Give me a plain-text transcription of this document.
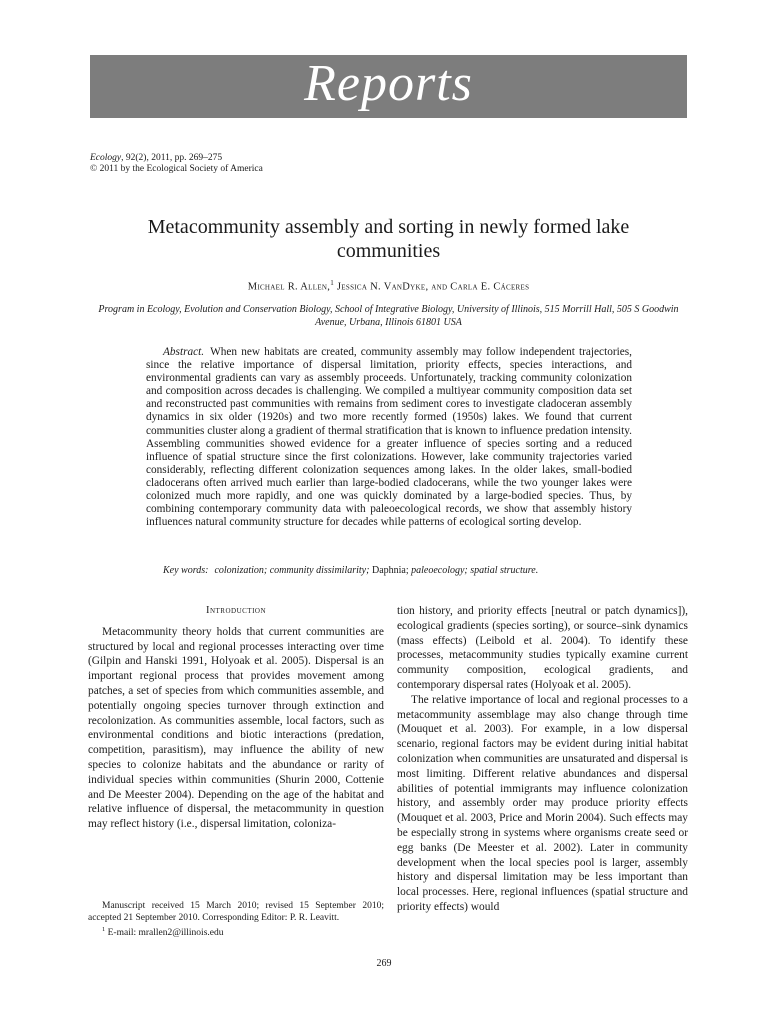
Reports
Ecology, 92(2), 2011, pp. 269–275
© 2011 by the Ecological Society of America
Metacommunity assembly and sorting in newly formed lake communities
Michael R. Allen,$^1$ Jessica N. VanDyke, and Carla E. Cáceres
Program in Ecology, Evolution and Conservation Biology, School of Integrative Biology, University of Illinois, 515 Morrill Hall, 505 S Goodwin Avenue, Urbana, Illinois 61801 USA

Abstract. When new habitats are created, community assembly may follow independent trajectories, since the relative importance of dispersal limitation, priority effects, species interactions, and environmental gradients can vary as assembly proceeds. Unfortunately, tracking community colonization and composition across decades is challenging. We compiled a multiyear community composition data set and reconstructed past communities with remains from sediment cores to investigate cladoceran assembly dynamics in six older (1920s) and two more recently formed (1950s) lakes. We found that current communities cluster along a gradient of thermal stratification that is known to influence predation intensity. Assembling communities showed evidence for a greater influence of species sorting and a reduced influence of spatial structure since the first colonizations. However, lake community trajectories varied considerably, reflecting different colonization sequences among lakes. In the older lakes, small-bodied cladocerans often arrived much earlier than large-bodied cladocerans, while the two younger lakes were colonized much more rapidly, and one was quickly dominated by a large-bodied species. Thus, by combining contemporary community data with paleoecological records, we show that assembly history influences natural community structure for decades while patterns of ecological sorting develop.

Key words: colonization; community dissimilarity; Daphnia; paleoecology; spatial structure.
Introduction

Metacommunity theory holds that current communities are structured by local and regional processes interacting over time (Gilpin and Hanski 1991, Holyoak et al. 2005). Dispersal is an important regional process that provides movement among patches, a set of species from which communities assemble, and potentially ongoing species turnover through extinction and recolonization. As communities assemble, local factors, such as environmental conditions and biotic interactions (predation, competition, parasitism), may influence the ability of new species to colonize habitats and the abundance or rarity of individual species within communities (Shurin 2000, Cottenie and De Meester 2004). Depending on the age of the habitat and relative influence of dispersal, the metacommunity in question may reflect history (i.e., dispersal limitation, coloniza-

Manuscript received 15 March 2010; revised 15 September 2010; accepted 21 September 2010. Corresponding Editor: P. R. Leavitt.

$^1$ E-mail: mrallen2@illinois.edu

tion history, and priority effects [neutral or patch dynamics]), ecological gradients (species sorting), or source–sink dynamics (mass effects) (Leibold et al. 2004). To identify these processes, metacommunity studies typically examine current community composition, ecological gradients, and contemporary dispersal rates (Holyoak et al. 2005).

The relative importance of local and regional processes to a metacommunity assemblage may also change through time (Mouquet et al. 2003). For example, in a low dispersal scenario, regional factors may be evident during initial habitat colonization when communities are unsaturated and dispersal is most limiting. Different relative abundances and dispersal abilities of potential immigrants may influence colonization history, and assembly order may produce priority effects (Mouquet et al. 2003, Price and Morin 2004). Such effects may be especially strong in systems where organisms create seed or egg banks (De Meester et al. 2002). Later in community development when the local species pool is larger, assembly history and dispersal limitation may be less important than local processes. Here, regional influences (spatial structure and priority effects) would

269
